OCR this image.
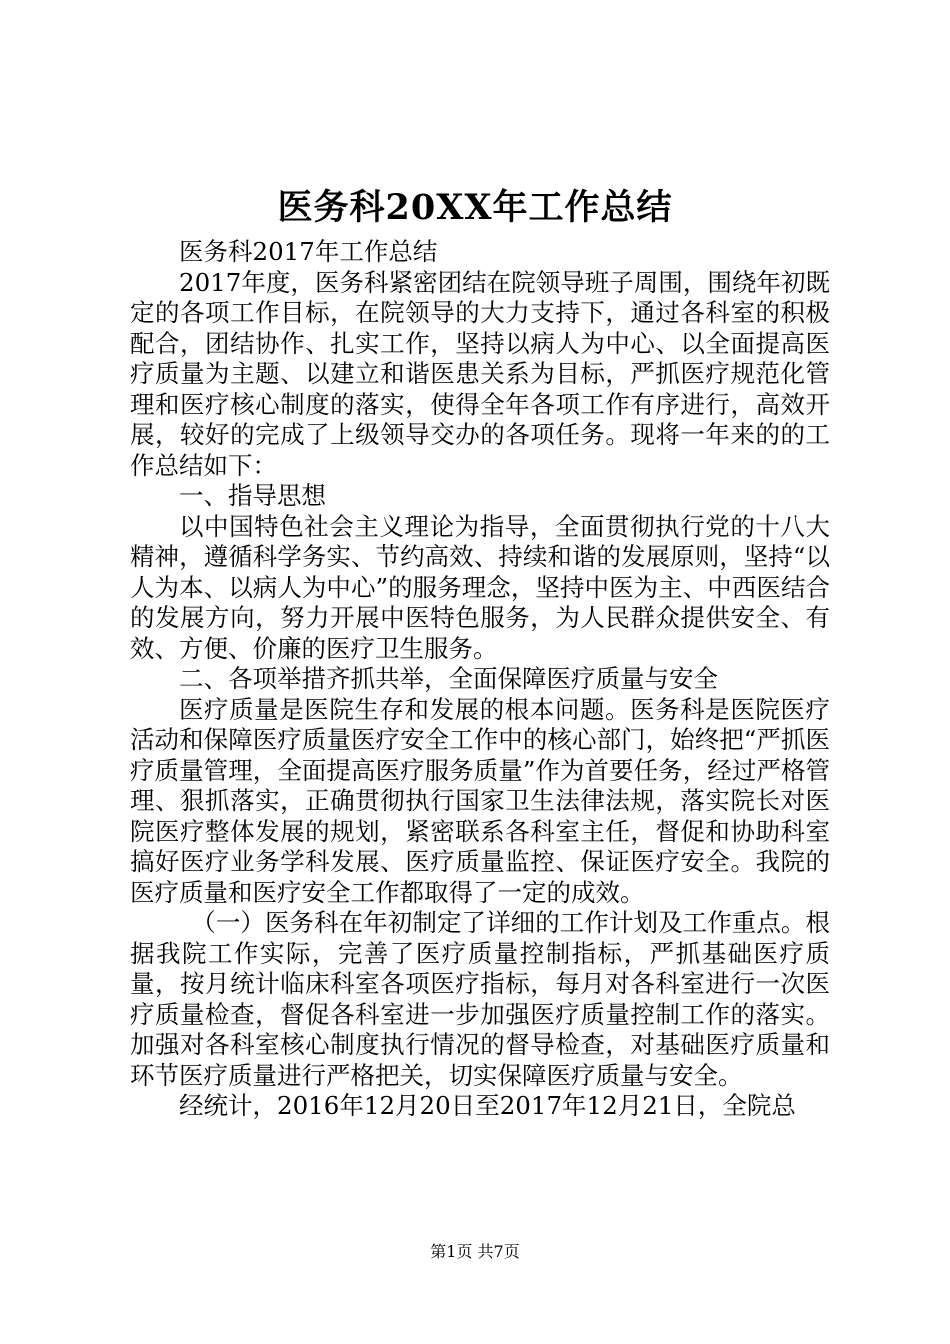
医务科20XX年工作总结

医务科2017年工作总结

2017年度，医务科紧密团结在院领导班子周围，围绕年初既定的各项工作目标，在院领导的大力支持下，通过各科室的积极配合，团结协作、扎实工作，坚持以病人为中心、以全面提高医疗质量为主题、以建立和谐医患关系为目标，严抓医疗规范化管理和医疗核心制度的落实，使得全年各项工作有序进行，高效开展，较好的完成了上级领导交办的各项任务。现将一年来的的工作总结如下：

一、指导思想

以中国特色社会主义理论为指导，全面贯彻执行党的十八大精神，遵循科学务实、节约高效、持续和谐的发展原则，坚持“以人为本、以病人为中心”的服务理念，坚持中医为主、中西医结合的发展方向，努力开展中医特色服务，为人民群众提供安全、有效、方便、价廉的医疗卫生服务。

二、各项举措齐抓共举，全面保障医疗质量与安全

医疗质量是医院生存和发展的根本问题。医务科是医院医疗活动和保障医疗质量医疗安全工作中的核心部门，始终把“严抓医疗质量管理，全面提高医疗服务质量”作为首要任务，经过严格管理、狠抓落实，正确贯彻执行国家卫生法律法规，落实院长对医院医疗整体发展的规划，紧密联系各科室主任，督促和协助科室搞好医疗业务学科发展、医疗质量监控、保证医疗安全。我院的医疗质量和医疗安全工作都取得了一定的成效。

（一）医务科在年初制定了详细的工作计划及工作重点。根据我院工作实际，完善了医疗质量控制指标，严抓基础医疗质量，按月统计临床科室各项医疗指标，每月对各科室进行一次医疗质量检查，督促各科室进一步加强医疗质量控制工作的落实。加强对各科室核心制度执行情况的督导检查，对基础医疗质量和环节医疗质量进行严格把关，切实保障医疗质量与安全。

经统计，2016年12月20日至2017年12月21日，全院总

第1页 共7页
